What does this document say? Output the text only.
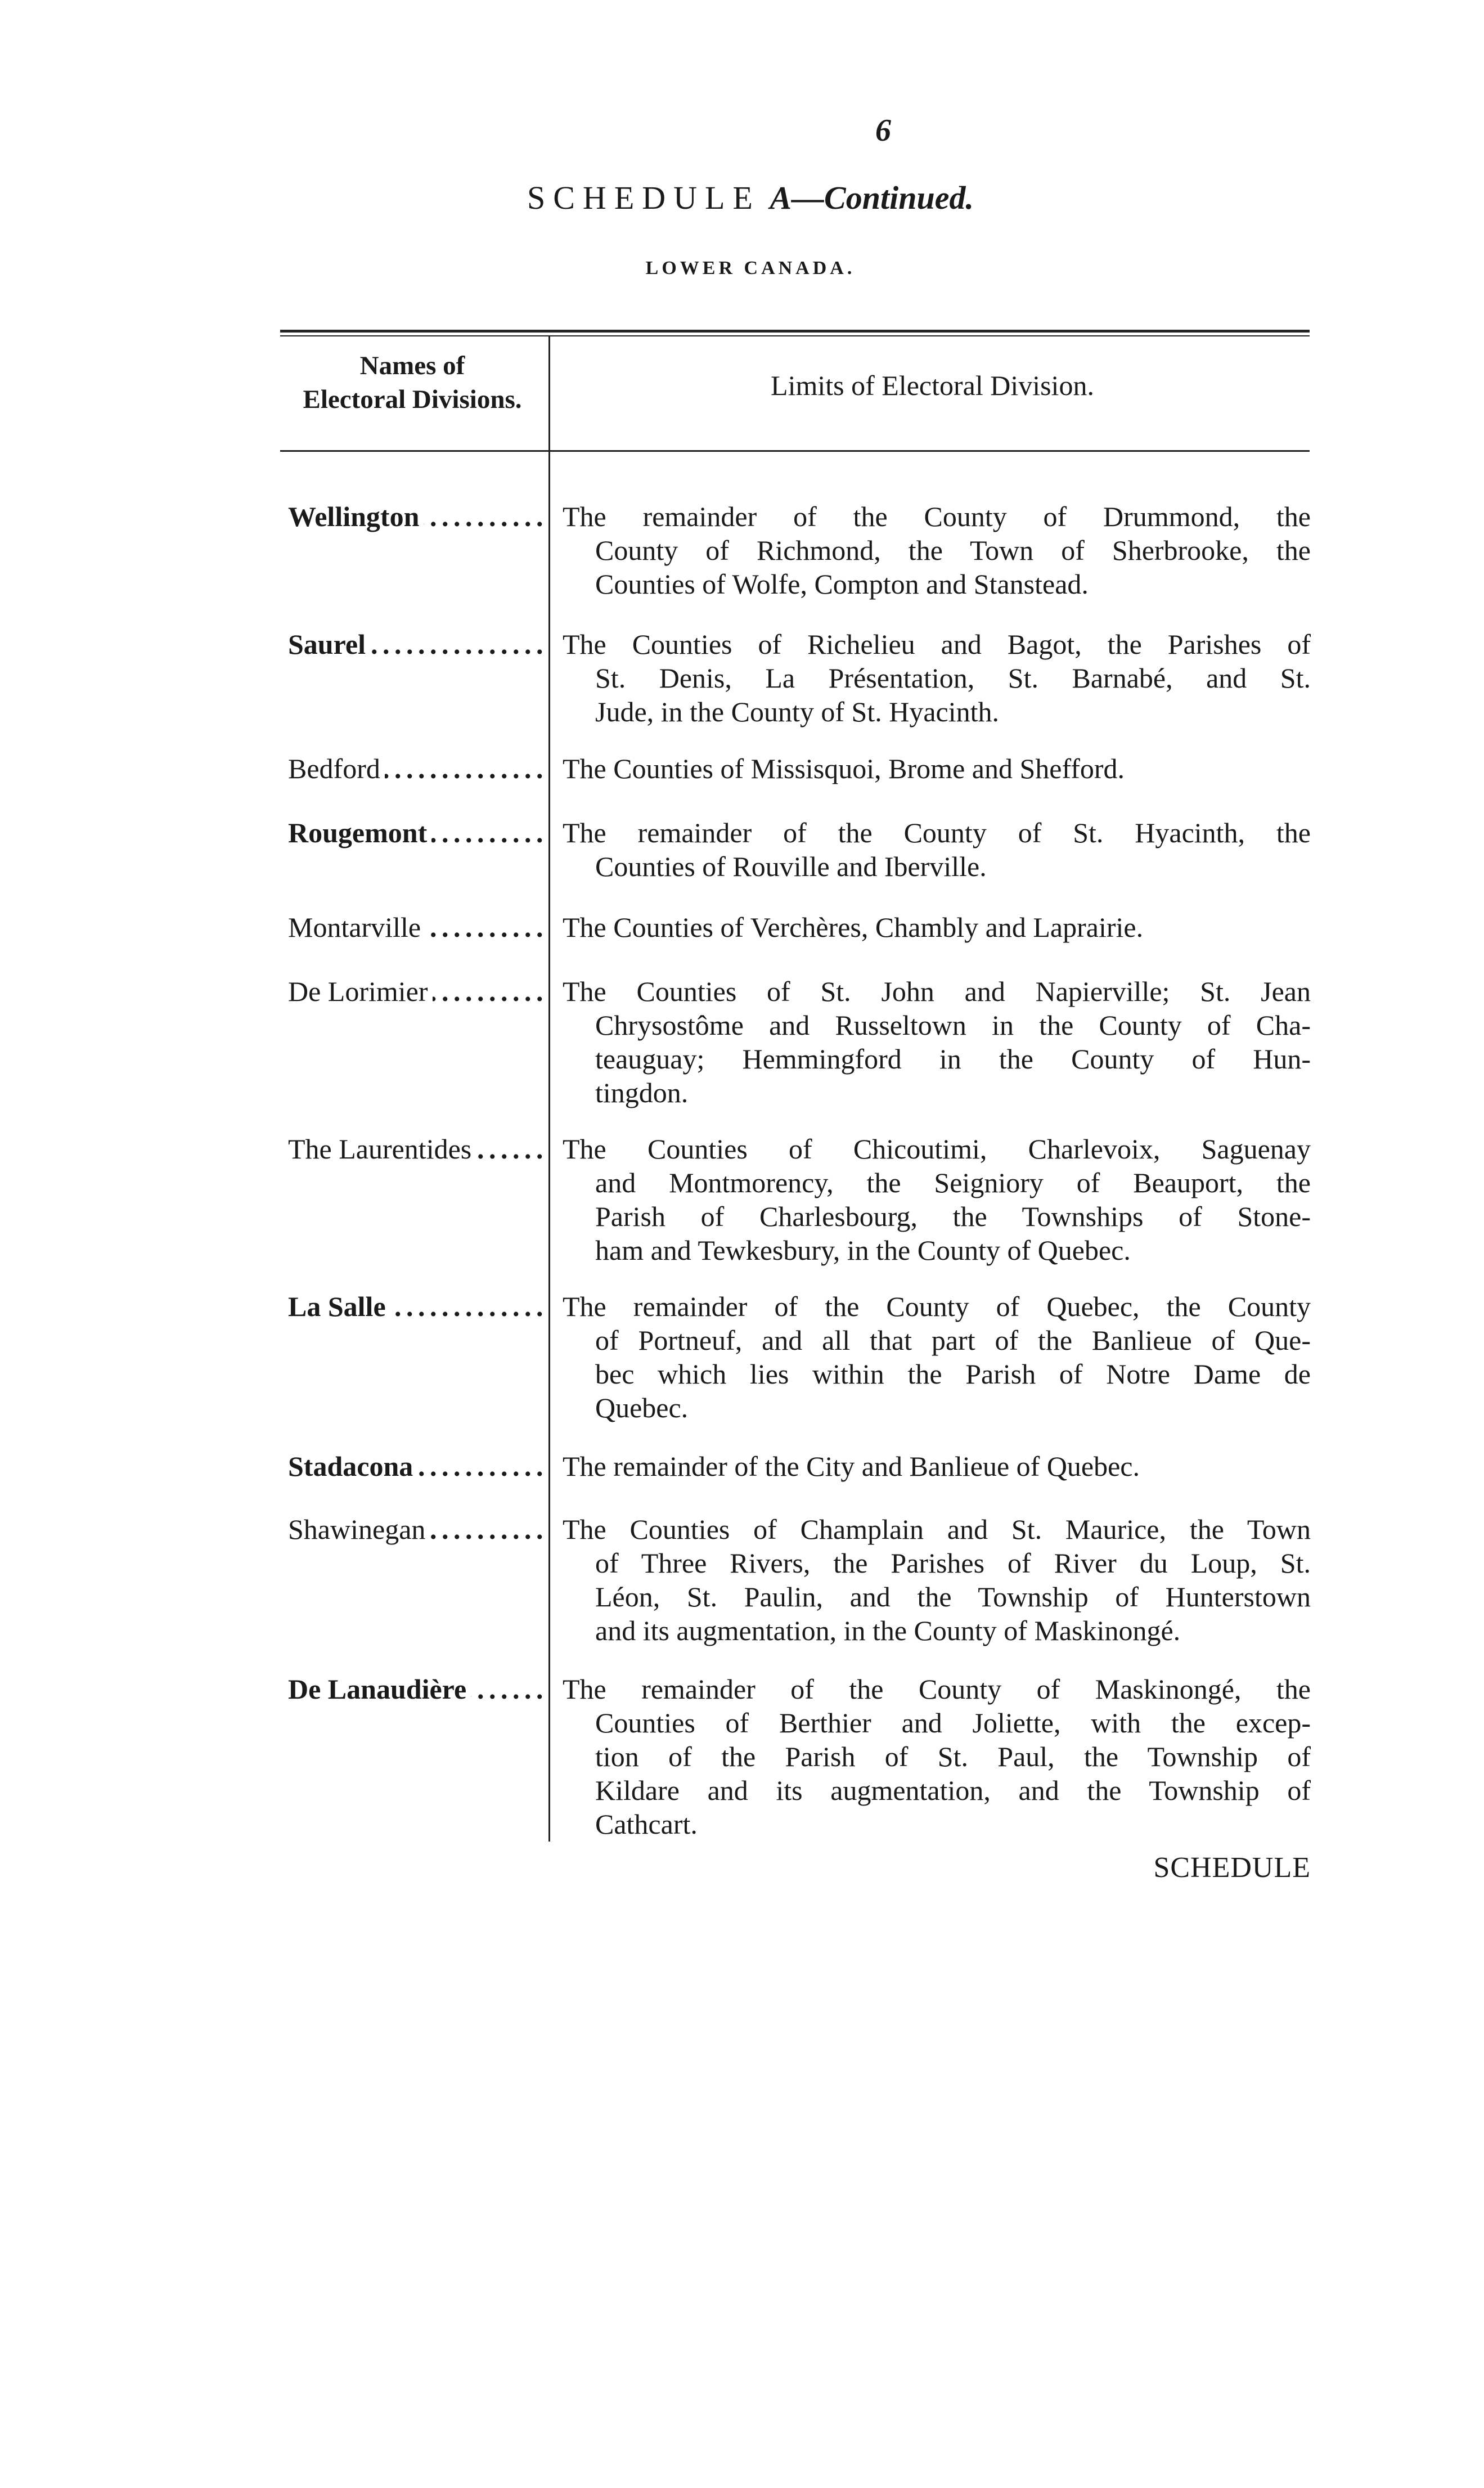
6
SCHEDULE A—Continued.
LOWER CANADA.
Names of
Electoral Divisions.	Limits of Electoral Division.
Wellington . . .	The remainder of the County of Drummond, the
County of Richmond, the Town of Sherbrooke, the
Counties of Wolfe, Compton and Stanstead.
Saurel . . .	The Counties of Richelieu and Bagot, the Parishes of
St. Denis, La Présentation, St. Barnabé, and St.
Jude, in the County of St. Hyacinth.
Bedford . . .	The Counties of Missisquoi, Brome and Shefford.
Rougemont . . .	The remainder of the County of St. Hyacinth, the
Counties of Rouville and Iberville.
Montarville . . .	The Counties of Verchères, Chambly and Laprairie.
De Lorimier . . .	The Counties of St. John and Napierville; St. Jean
Chrysostôme and Russeltown in the County of Cha-
teauguay; Hemmingford in the County of Hun-
tingdon.
The Laurentides . . .	The Counties of Chicoutimi, Charlevoix, Saguenay
and Montmorency, the Seigniory of Beauport, the
Parish of Charlesbourg, the Townships of Stone-
ham and Tewkesbury, in the County of Quebec.
La Salle . . .	The remainder of the County of Quebec, the County
of Portneuf, and all that part of the Banlieue of Que-
bec which lies within the Parish of Notre Dame de
Quebec.
Stadacona . . .	The remainder of the City and Banlieue of Quebec.
Shawinegan . . .	The Counties of Champlain and St. Maurice, the Town
of Three Rivers, the Parishes of River du Loup, St.
Léon, St. Paulin, and the Township of Hunterstown
and its augmentation, in the County of Maskinongé.
De Lanaudière . . .	The remainder of the County of Maskinongé, the
Counties of Berthier and Joliette, with the excep-
tion of the Parish of St. Paul, the Township of
Kildare and its augmentation, and the Township of
Cathcart.
SCHEDULE
